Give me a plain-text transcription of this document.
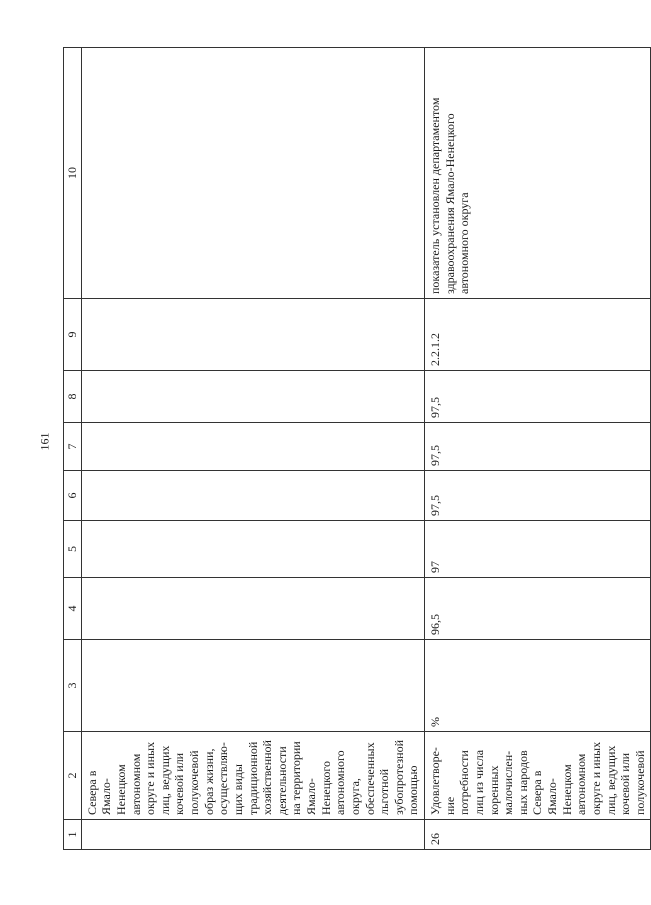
161
1	2	3	4	5	6	7	8	9	10

	Севера в Ямало-Ненецком автономном округе и иных лиц, ведущих кочевой или полукочевой образ жизни, осуществляю-щих виды традиционной хозяйственной деятельности на территории Ямало-Ненецкого автономного округа, обеспеченных льготной зубопротезной помощью								

26	Удовлетворе-ние потребности лиц из числа коренных малочислен-ных народов Севера в Ямало-Ненецком автономном округе и иных лиц, ведущих кочевой или полукочевой	%	96,5	97	97,5	97,5	97,5	2.2.1.2	показатель установлен департаментом здравоохранения Ямало-Ненецкого автономного округа
